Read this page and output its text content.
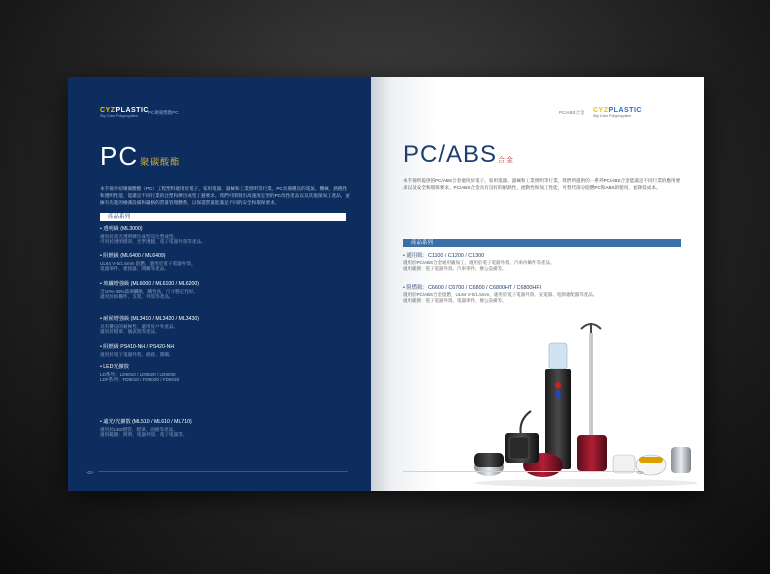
CYZPLASTIC
Sky Color Polypropylene
PC聚碳酸酯PC
PC 聚碳酸酯
本手冊介紹聚碳酸酯（PC）工程塑料適用於電子、家用電器、器械和工業照明等行業。PC具備優良的電氣、機械、熱穩性和透明性能，能滿足不同行業的注塑和擠出成型工藝要求。我們可開發出高速度定型的PC改性產品以及其他深加工產品，並擁有先進的檢測設備和嚴格的質量管理體系，以保證質量能滿足不同的安全和環保要求。
產品系列
• 透明級 (ML3000)
適用於高光透明擠出成型及注塑成型。
可用於透明燈罩，光學透鏡，電子電器外殼等產品。
• 阻燃級 (ML6400 / ML6409)
UL94 V-0/1.5mm 阻燃，適用於電子電器外殼。
電器零件、連接器、開關等產品。
• 玻纖增強級 (ML6000 / ML6100 / ML6200)
含10%-30%玻璃纖維，剛性高，尺寸穩定性好。
適用於結構件、支架、外殼等產品。
• 耐候增強級 (ML3410 / ML3420 / ML3430)
具有優良的耐候性，適用於戶外產品。
適用於燈罩、儀表殼等產品。
• 阻燃級 PS410-NH / PS420-NH
適用於電子電器外殼、插座、開關。
• LED光擴散
LD系列：LD9010 / LD9020 / LD9030
LDF系列：FD9010 / FD9020 / FD9030
• 適光/光擴散 (ML510 / ML610 / ML710)
適用於LED燈管、燈罩、面板等產品。
適用範圍：照明、電器外殼、電子電器等。
-02-
PC/ABS合金 CYZPLASTIC
Sky Color Polypropylene
PC/ABS合金
本手冊所提供的PC/ABS合金適用於電子、家用電器、器械和工業照明等行業。我們所提供的一系列PC/ABS合金能滿足不同行業的應用要求以及安全和環保要求。PC/ABS合金具有良好的耐熱性，流動性和加工性能，可替代部分阻燃PC和ABS的使用，並降低成本。
產品系列
• 通用級：C1100 / C1200 / C1300
適用於PC/ABS合金通用級加工，適用於電子電器外殼，汽車內飾件等產品。
適用範圍：電子電器外殼、汽車零件、辦公設備等。
• 阻燃級：C6600 / C6700 / C6800 / C6800HT / C6800HFI
適用於PC/ABS合金阻燃，UL94 V-0/1.5mm，適用於電子電器外殼、充電器、電源適配器等產品。
適用範圍：電子電器外殼、電器零件、辦公設備等。
-03-
